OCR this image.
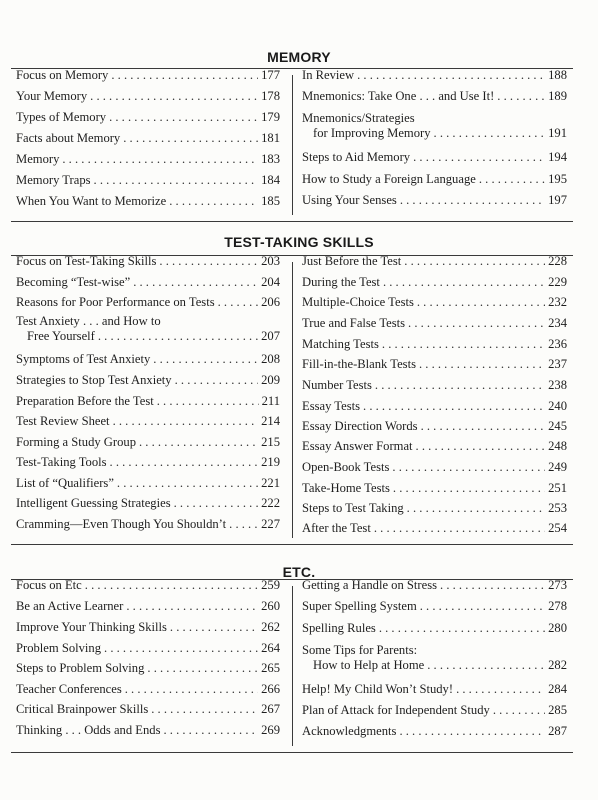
MEMORY
Focus on Memory . . .	177
Your Memory . . .	178
Types of Memory . . .	179
Facts about Memory . . .	181
Memory . . .	183
Memory Traps . . .	184
When You Want to Memorize . . .	185
In Review . . .	188
Mnemonics: Take One . . . and Use It! . . .	189
Mnemonics/Strategies
for Improving Memory . . .	191
Steps to Aid Memory . . .	194
How to Study a Foreign Language . . .	195
Using Your Senses . . .	197
TEST-TAKING SKILLS
Focus on Test-Taking Skills . . .	203
Becoming “Test-wise” . . .	204
Reasons for Poor Performance on Tests . . .	206
Test Anxiety . . . and How to
Free Yourself . . .	207
Symptoms of Test Anxiety . . .	208
Strategies to Stop Test Anxiety . . .	209
Preparation Before the Test . . .	211
Test Review Sheet . . .	214
Forming a Study Group . . .	215
Test-Taking Tools . . .	219
List of “Qualifiers” . . .	221
Intelligent Guessing Strategies . . .	222
Cramming—Even Though You Shouldn’t . . .	227
Just Before the Test . . .	228
During the Test . . .	229
Multiple-Choice Tests . . .	232
True and False Tests . . .	234
Matching Tests . . .	236
Fill-in-the-Blank Tests . . .	237
Number Tests . . .	238
Essay Tests . . .	240
Essay Direction Words . . .	245
Essay Answer Format . . .	248
Open-Book Tests . . .	249
Take-Home Tests . . .	251
Steps to Test Taking . . .	253
After the Test . . .	254
ETC.
Focus on Etc . . .	259
Be an Active Learner . . .	260
Improve Your Thinking Skills . . .	262
Problem Solving . . .	264
Steps to Problem Solving . . .	265
Teacher Conferences . . .	266
Critical Brainpower Skills . . .	267
Thinking . . . Odds and Ends . . .	269
Getting a Handle on Stress . . .	273
Super Spelling System . . .	278
Spelling Rules . . .	280
Some Tips for Parents:
How to Help at Home . . .	282
Help! My Child Won’t Study! . . .	284
Plan of Attack for Independent Study . . .	285
Acknowledgments . . .	287
